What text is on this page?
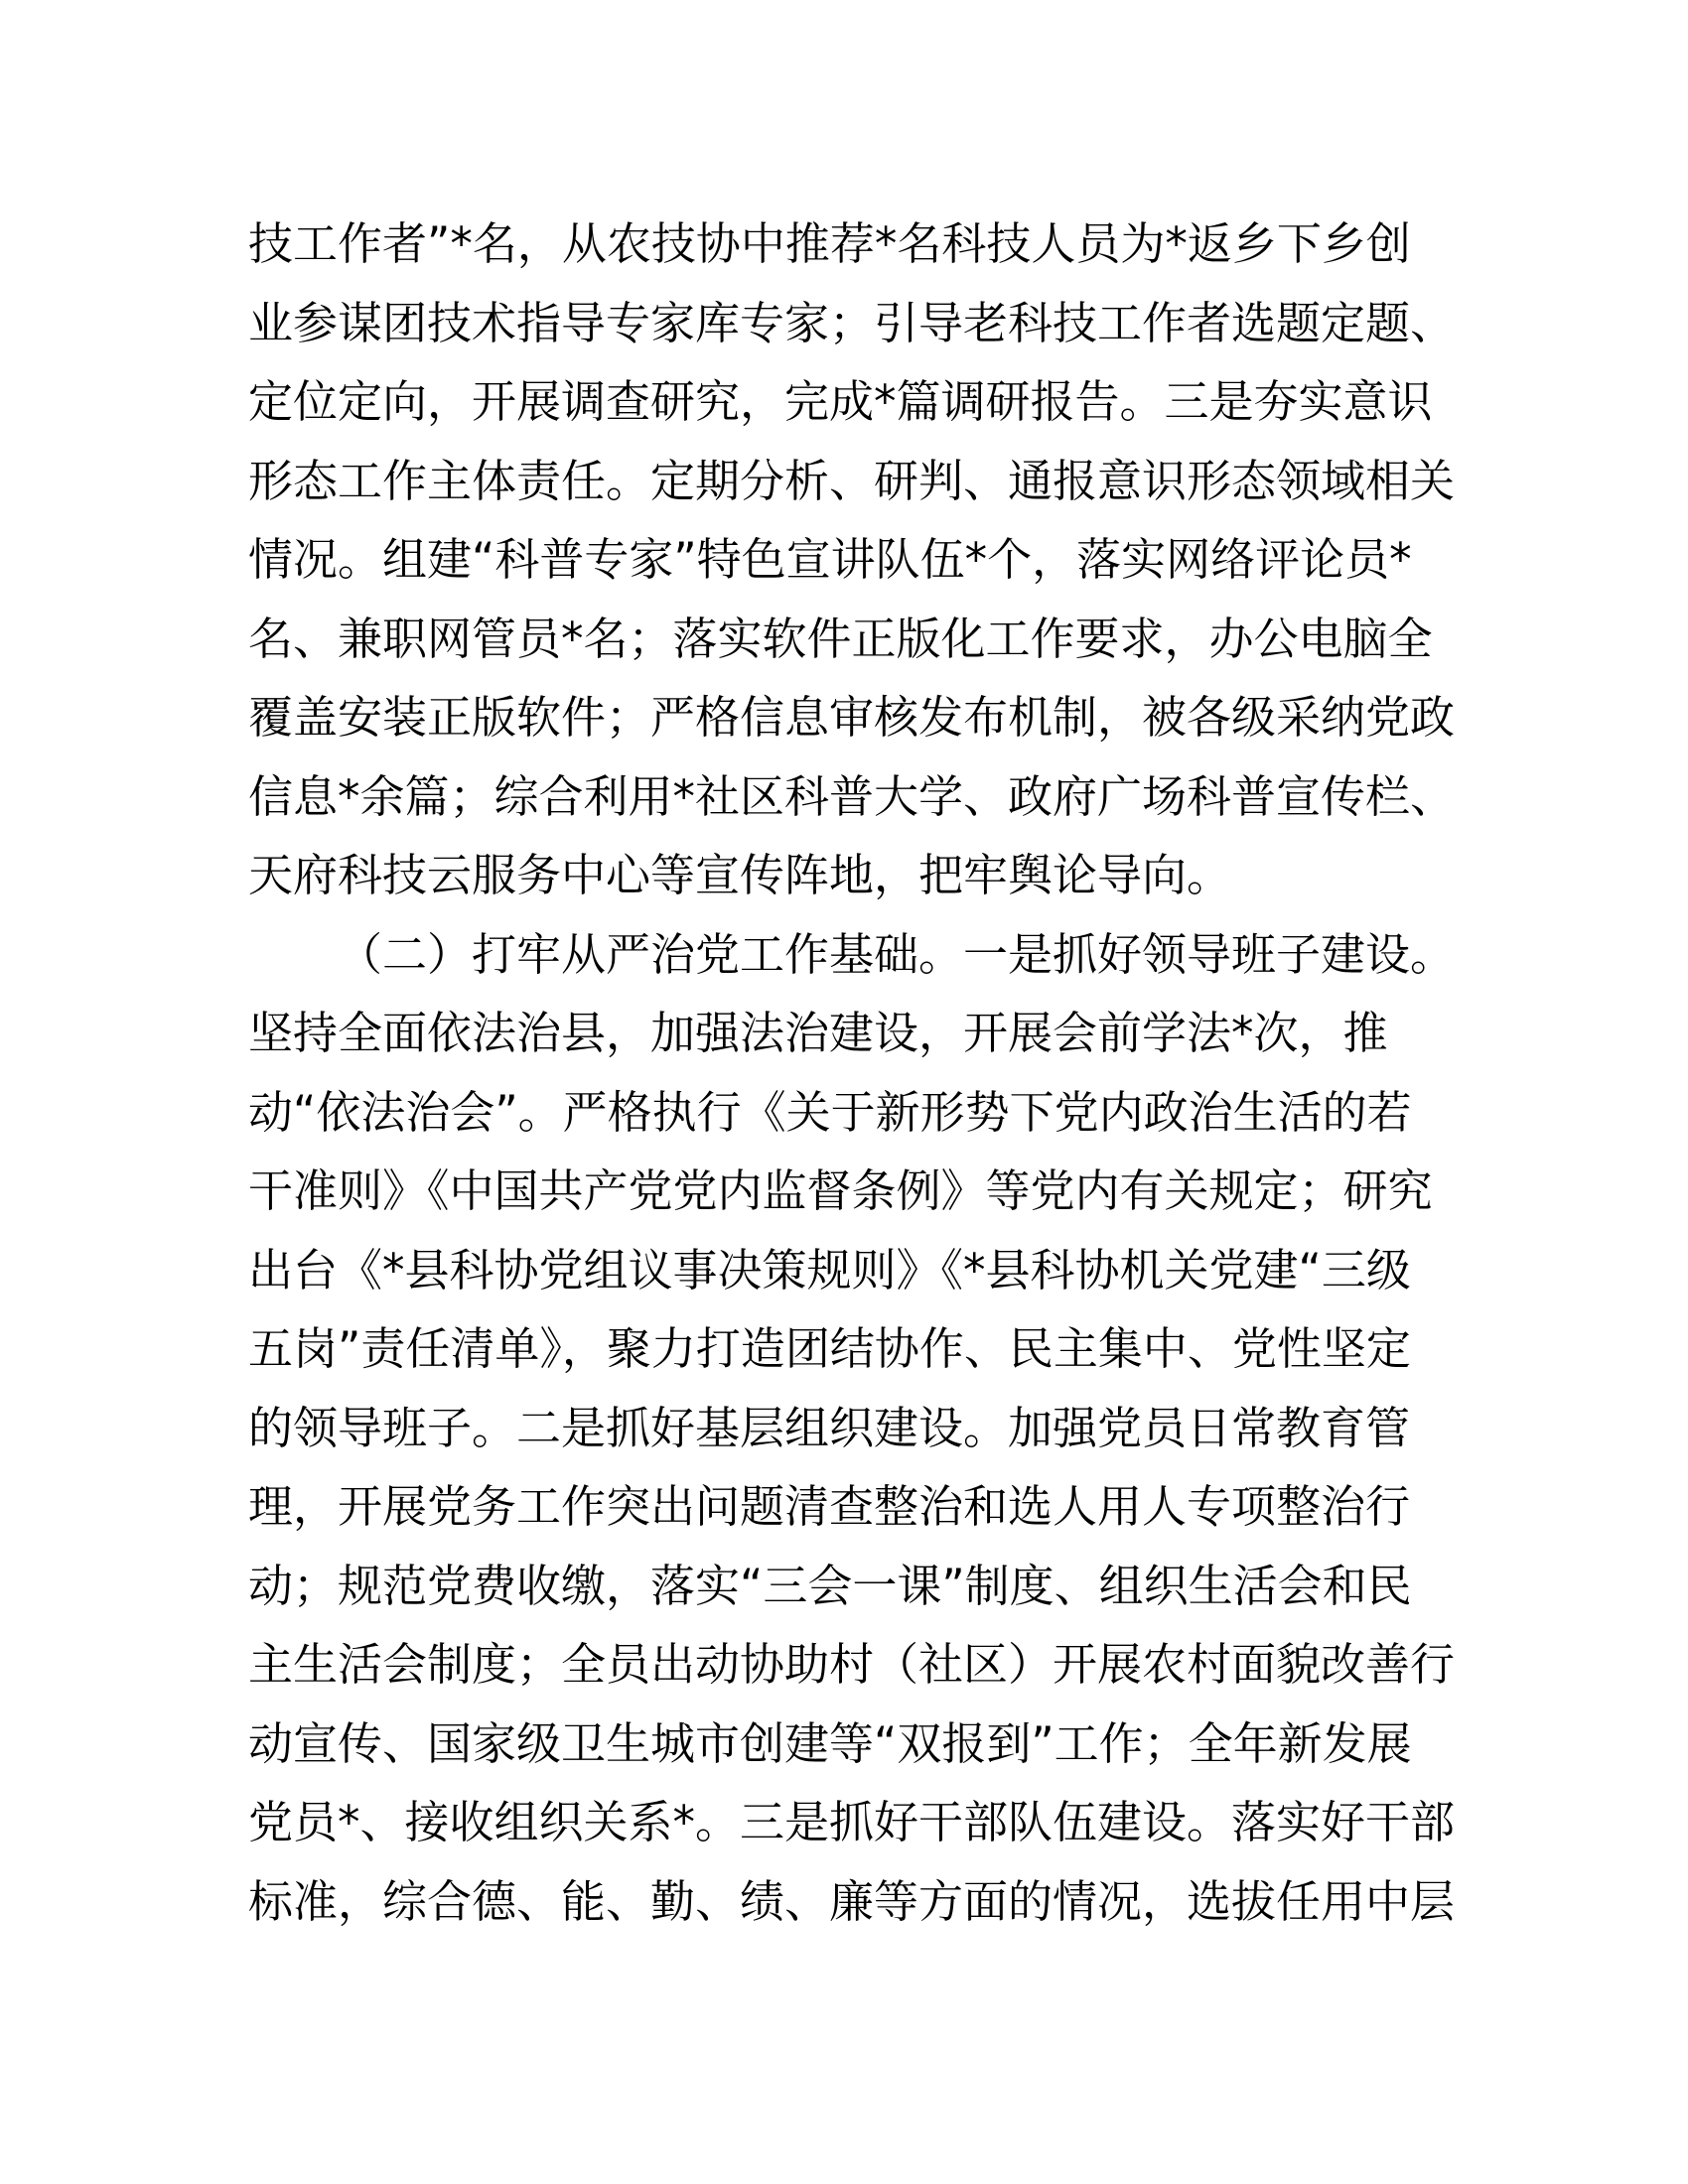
技工作者”*名，从农技协中推荐*名科技人员为*返乡下乡创
业参谋团技术指导专家库专家；引导老科技工作者选题定题、
定位定向，开展调查研究，完成*篇调研报告。三是夯实意识
形态工作主体责任。定期分析、研判、通报意识形态领域相关
情况。组建“科普专家”特色宣讲队伍*个，落实网络评论员*
名、兼职网管员*名；落实软件正版化工作要求，办公电脑全
覆盖安装正版软件；严格信息审核发布机制，被各级采纳党政
信息*余篇；综合利用*社区科普大学、政府广场科普宣传栏、
天府科技云服务中心等宣传阵地，把牢舆论导向。
（二）打牢从严治党工作基础。一是抓好领导班子建设。
坚持全面依法治县，加强法治建设，开展会前学法*次，推
动“依法治会”。严格执行《关于新形势下党内政治生活的若
干准则》《中国共产党党内监督条例》等党内有关规定；研究
出台《*县科协党组议事决策规则》《*县科协机关党建“三级
五岗”责任清单》，聚力打造团结协作、民主集中、党性坚定
的领导班子。二是抓好基层组织建设。加强党员日常教育管
理，开展党务工作突出问题清查整治和选人用人专项整治行
动；规范党费收缴，落实“三会一课”制度、组织生活会和民
主生活会制度；全员出动协助村（社区）开展农村面貌改善行
动宣传、国家级卫生城市创建等“双报到”工作；全年新发展
党员*、接收组织关系*。三是抓好干部队伍建设。落实好干部
标准，综合德、能、勤、绩、廉等方面的情况，选拔任用中层
